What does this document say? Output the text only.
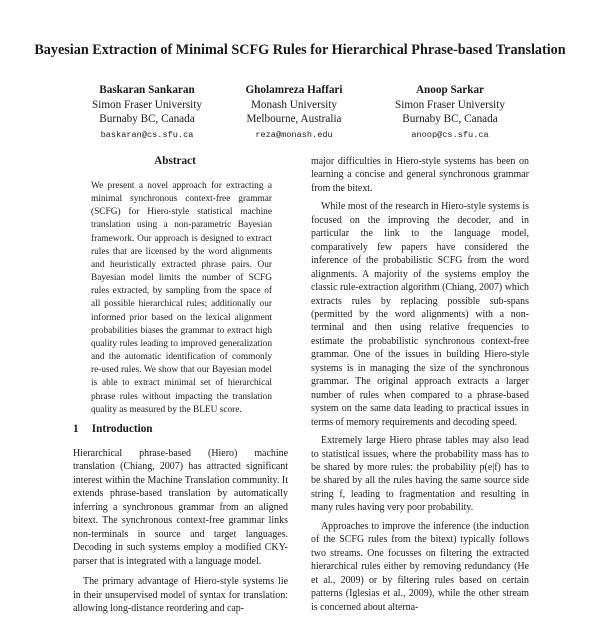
Bayesian Extraction of Minimal SCFG Rules for Hierarchical Phrase-based Translation
Baskaran Sankaran
Simon Fraser University
Burnaby BC, Canada
baskaran@cs.sfu.ca
Gholamreza Haffari
Monash University
Melbourne, Australia
reza@monash.edu
Anoop Sarkar
Simon Fraser University
Burnaby BC, Canada
anoop@cs.sfu.ca
Abstract

We present a novel approach for extracting a minimal synchronous context-free grammar (SCFG) for Hiero-style statistical machine translation using a non-parametric Bayesian framework. Our approach is designed to extract rules that are licensed by the word alignments and heuristically extracted phrase pairs. Our Bayesian model limits the number of SCFG rules extracted, by sampling from the space of all possible hierarchical rules; additionally our informed prior based on the lexical alignment probabilities biases the grammar to extract high quality rules leading to improved generalization and the automatic identification of commonly re-used rules. We show that our Bayesian model is able to extract minimal set of hierarchical phrase rules without impacting the translation quality as measured by the BLEU score.

1 Introduction

Hierarchical phrase-based (Hiero) machine translation (Chiang, 2007) has attracted significant interest within the Machine Translation community. It extends phrase-based translation by automatically inferring a synchronous grammar from an aligned bitext. The synchronous context-free grammar links non-terminals in source and target languages. Decoding in such systems employ a modified CKY-parser that is integrated with a language model.

The primary advantage of Hiero-style systems lie in their unsupervised model of syntax for translation: allowing long-distance reordering and cap-

major difficulties in Hiero-style systems has been on learning a concise and general synchronous grammar from the bitext.

While most of the research in Hiero-style systems is focused on the improving the decoder, and in particular the link to the language model, comparatively few papers have considered the inference of the probabilistic SCFG from the word alignments. A majority of the systems employ the classic rule-extraction algorithm (Chiang, 2007) which extracts rules by replacing possible sub-spans (permitted by the word alignments) with a non-terminal and then using relative frequencies to estimate the probabilistic synchronous context-free grammar. One of the issues in building Hiero-style systems is in managing the size of the synchronous grammar. The original approach extracts a larger number of rules when compared to a phrase-based system on the same data leading to practical issues in terms of memory requirements and decoding speed.

Extremely large Hiero phrase tables may also lead to statistical issues, where the probability mass has to be shared by more rules: the probability p(e|f) has to be shared by all the rules having the same source side string f, leading to fragmentation and resulting in many rules having very poor probability.

Approaches to improve the inference (the induction of the SCFG rules from the bitext) typically follows two streams. One focusses on filtering the extracted hierarchical rules either by removing redundancy (He et al., 2009) or by filtering rules based on certain patterns (Iglesias et al., 2009), while the other stream is concerned about alterna-
